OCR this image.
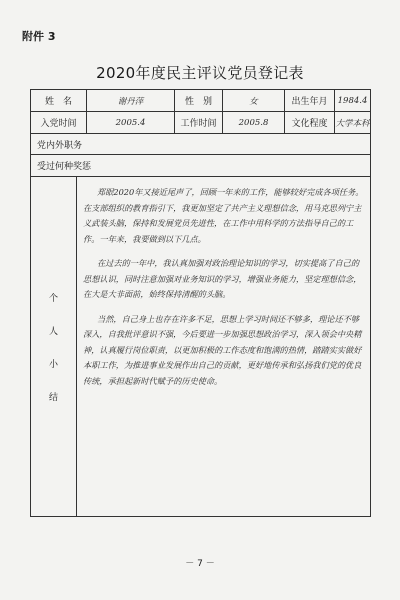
附件 3
2020年度民主评议党员登记表
姓　名	谢丹萍	性　别	女	出生年月	1984.4
入党时间	2005.4	工作时间	2005.8	文化程度 大学本科
党内外职务
受过何种奖惩
个
人
小
结

郑眼2020年又接近尾声了，回顾一年来的工作，能够较好完成各项任务。在支部组织的教育指引下，我更加坚定了共产主义理想信念，用马克思列宁主义武装头脑，保持和发展党员先进性，在工作中用科学的方法指导自己的工作。一年来，我要做到以下几点。

在过去的一年中，我认真加强对政治理论知识的学习，切实提高了自己的思想认识，同时注意加强对业务知识的学习，增强业务能力，坚定理想信念，在大是大非面前，始终保持清醒的头脑。

当然，自己身上也存在许多不足，思想上学习时间还不够多，理论还不够深入，自我批评意识不强，今后要进一步加强思想政治学习，深入领会中央精神，认真履行岗位职责，以更加积极的工作态度和饱满的热情，踏踏实实做好本职工作，为推进事业发展作出自己的贡献，更好地传承和弘扬我们党的优良传统，承担起新时代赋予的历史使命。

－ 7 －
